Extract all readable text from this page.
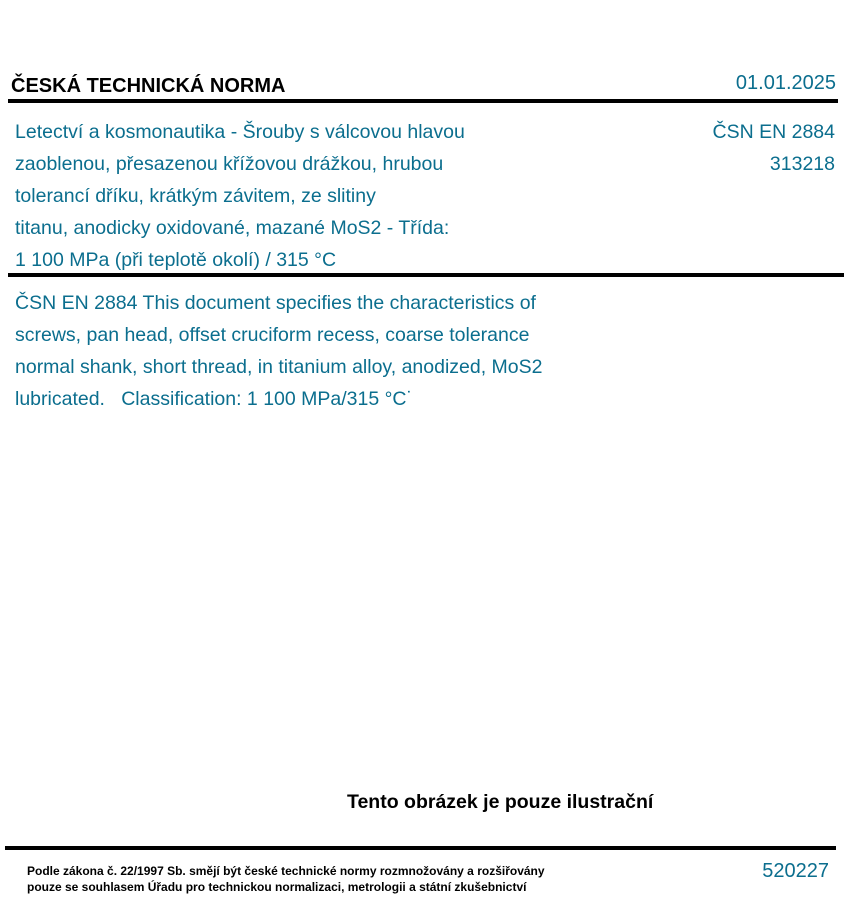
ČESKÁ TECHNICKÁ NORMA	01.01.2025
Letectví a kosmonautika - Šrouby s válcovou hlavou
zaoblenou, přesazenou křížovou drážkou, hrubou
tolerancí dříku, krátkým závitem, ze slitiny
titanu, anodicky oxidované, mazané MoS2 - Třída:
1 100 MPa (při teplotě okolí) / 315 °C
ČSN EN 2884
313218
ČSN EN 2884 This document specifies the characteristics of
screws, pan head, offset cruciform recess, coarse tolerance
normal shank, short thread, in titanium alloy, anodized, MoS2
lubricated.   Classification: 1 100 MPa/315 °C˙
Tento obrázek je pouze ilustrační
Podle zákona č. 22/1997 Sb. smějí být české technické normy rozmnožovány a rozšiřovány
pouze se souhlasem Úřadu pro technickou normalizaci, metrologii a státní zkušebnictví
520227
